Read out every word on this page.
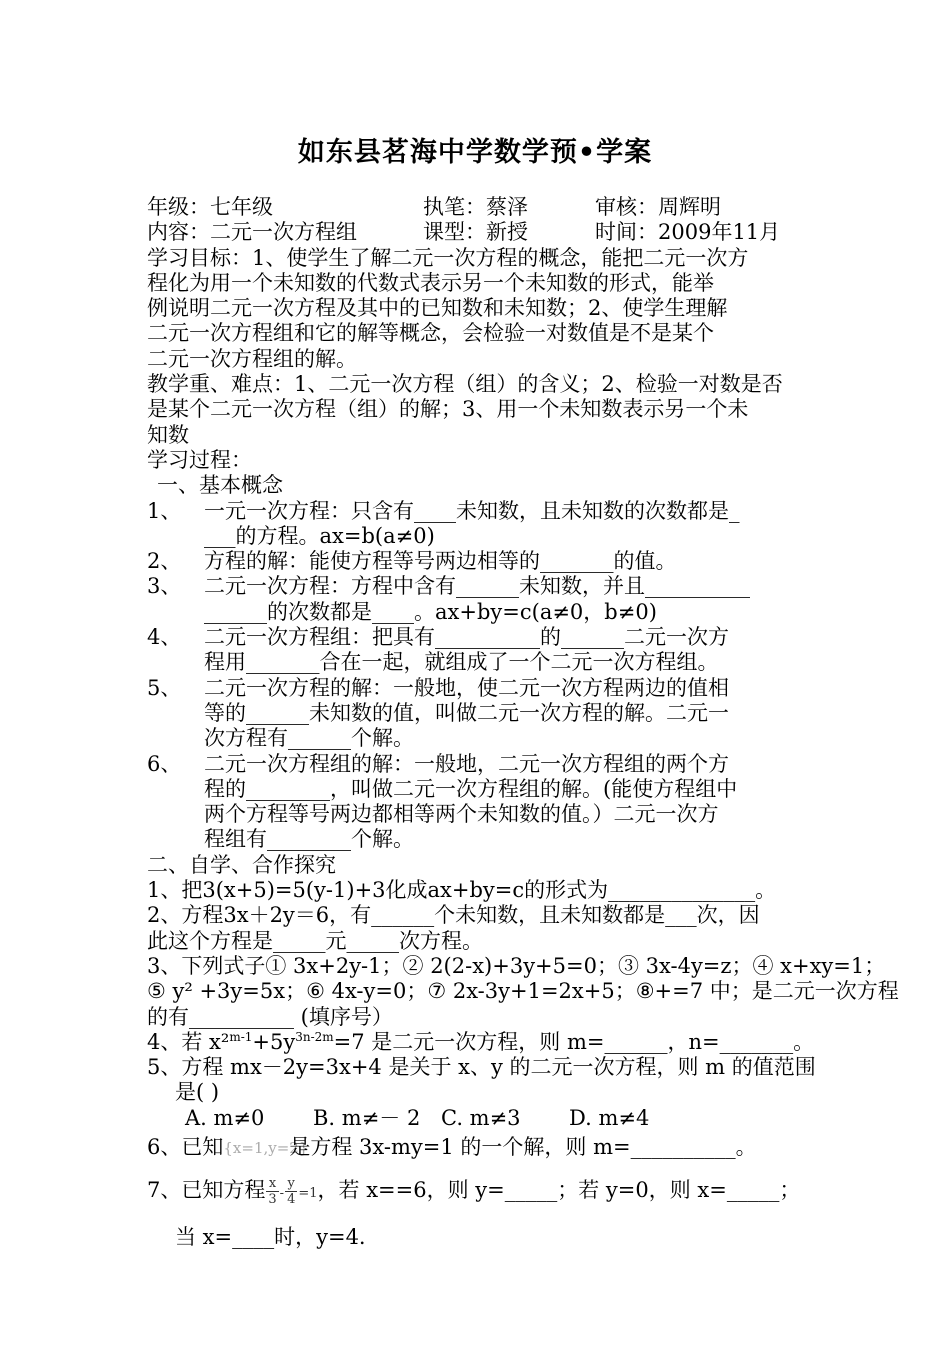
如东县茗海中学数学预•学案
年级：七年级	执笔：蔡泽	审核：周辉明
内容：二元一次方程组	课型：新授	时间：2009年11月
学习目标：1、使学生了解二元一次方程的概念，能把二元一次方
程化为用一个未知数的代数式表示另一个未知数的形式，能举
例说明二元一次方程及其中的已知数和未知数；2、使学生理解
二元一次方程组和它的解等概念，会检验一对数值是不是某个
二元一次方程组的解。
教学重、难点：1、二元一次方程（组）的含义；2、检验一对数是否
是某个二元一次方程（组）的解；3、用一个未知数表示另一个未
知数
学习过程：
一、基本概念
1、	一元一次方程：只含有____未知数，且未知数的次数都是_
___的方程。ax=b(a≠0)
2、	方程的解：能使方程等号两边相等的_______的值。
3、	二元一次方程：方程中含有______未知数，并且__________
______的次数都是____。ax+by=c(a≠0，b≠0)
4、	二元一次方程组：把具有__________的______二元一次方
程用_______合在一起，就组成了一个二元一次方程组。
5、	二元一次方程的解：一般地，使二元一次方程两边的值相
等的______未知数的值，叫做二元一次方程的解。二元一
次方程有______个解。
6、	二元一次方程组的解：一般地，二元一次方程组的两个方
程的________，叫做二元一次方程组的解。(能使方程组中
两个方程等号两边都相等两个未知数的值。）二元一次方
程组有________个解。
二、自学、合作探究
1、把3(x+5)=5(y-1)+3化成ax+by=c的形式为______________。
2、方程3x＋2y＝6，有______个未知数，且未知数都是___次，因
此这个方程是_____元_____次方程。
3、下列式子① 3x+2y-1；② 2(2-x)+3y+5=0；③ 3x-4y=z；④ x+xy=1；
⑤ y² +3y=5x；⑥ 4x-y=0；⑦ 2x-3y+1=2x+5；⑧+=7 中；是二元一次方程
的有__________ (填序号）
4、若 $x^2^{m-1}+5y^{3n-2m}=7$ 是二元一次方程，则 m=______，n=_______。
5、方程 mx－2y=3x+4 是关于 x、y 的二元一次方程，则 m 的值范围
是( )
A. m≠0 B. m≠－ 2 C. m≠3 D. m≠4
6、已知{x=1,y=2}是方程 3x-my=1 的一个解，则 m=__________。
7、已知方程 $\frac{x}{3} - \frac{y}{4} =1$，若 x==6，则 y=_____；若 y=0，则 x=_____；
当 x=____时，y=4.
